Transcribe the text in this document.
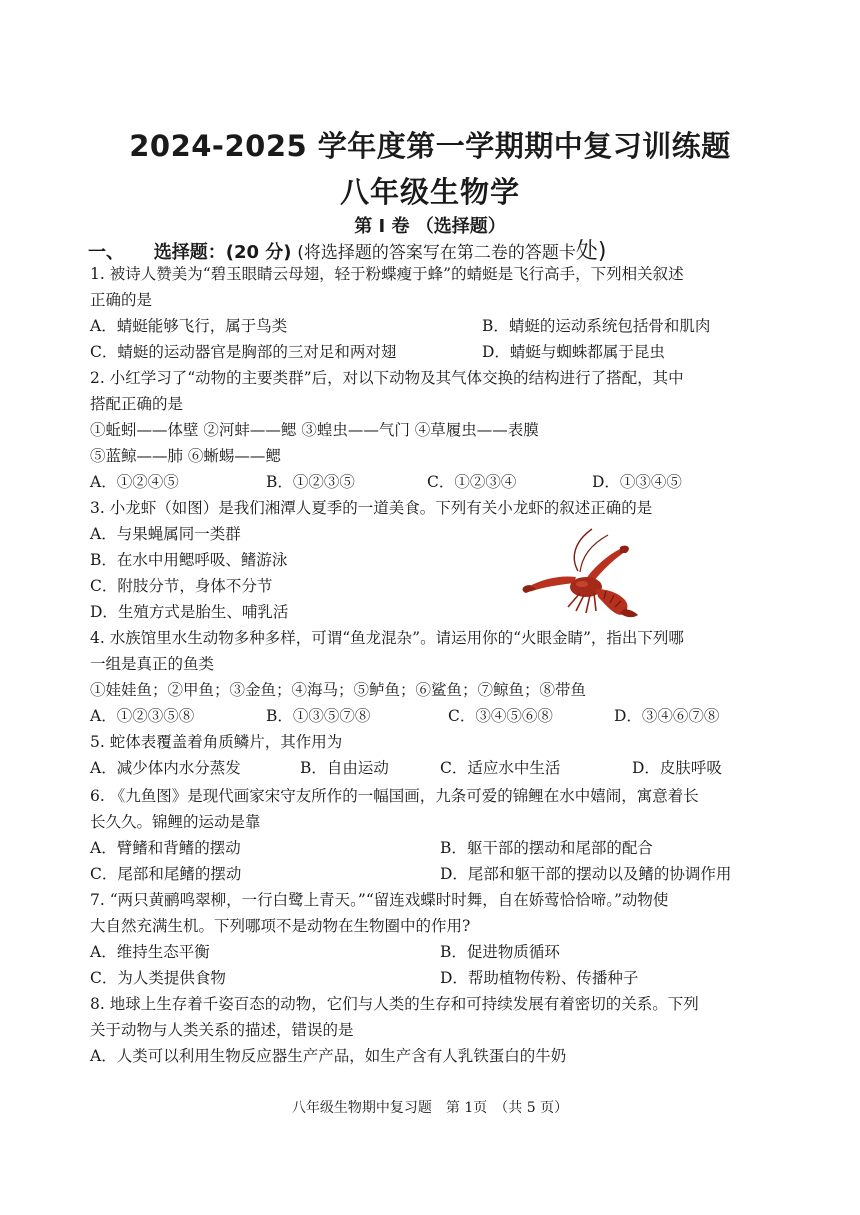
2024-2025 学年度第一学期期中复习训练题
八年级生物学
第 I 卷 （选择题）
一、 选择题：(20 分) (将选择题的答案写在第二卷的答题卡处)
1. 被诗人赞美为“碧玉眼睛云母翅，轻于粉蝶瘦于蜂”的蜻蜓是飞行高手，下列相关叙述
正确的是
A．蜻蜓能够飞行，属于鸟类	B．蜻蜓的运动系统包括骨和肌肉
C．蜻蜓的运动器官是胸部的三对足和两对翅	D．蜻蜓与蜘蛛都属于昆虫
2. 小红学习了“动物的主要类群”后，对以下动物及其气体交换的结构进行了搭配，其中
搭配正确的是
①蚯蚓——体壁 ②河蚌——鳃 ③蝗虫——气门 ④草履虫——表膜
⑤蓝鲸——肺 ⑥蜥蜴——鳃
A．①②④⑤	B．①②③⑤	C．①②③④	D．①③④⑤
3. 小龙虾（如图）是我们湘潭人夏季的一道美食。下列有关小龙虾的叙述正确的是
A．与果蝇属同一类群
B．在水中用鳃呼吸、鳍游泳
C．附肢分节，身体不分节
D．生殖方式是胎生、哺乳活
4. 水族馆里水生动物多种多样，可谓“鱼龙混杂”。请运用你的“火眼金睛”，指出下列哪
一组是真正的鱼类
①娃娃鱼；②甲鱼；③金鱼；④海马；⑤鲈鱼；⑥鲨鱼；⑦鲸鱼；⑧带鱼
A．①②③⑤⑧	B．①③⑤⑦⑧	C．③④⑤⑥⑧	D．③④⑥⑦⑧
5. 蛇体表覆盖着角质鳞片，其作用为
A．减少体内水分蒸发	B．自由运动	C．适应水中生活	D．皮肤呼吸
6. 《九鱼图》是现代画家宋守友所作的一幅国画，九条可爱的锦鲤在水中嬉闹，寓意着长
长久久。锦鲤的运动是靠
A．臂鳍和背鳍的摆动	B．躯干部的摆动和尾部的配合
C．尾部和尾鳍的摆动	D．尾部和躯干部的摆动以及鳍的协调作用
7. “两只黄鹂鸣翠柳，一行白鹭上青天。”“留连戏蝶时时舞，自在娇莺恰恰啼。”动物使
大自然充满生机。下列哪项不是动物在生物圈中的作用?
A．维持生态平衡	B．促进物质循环
C．为人类提供食物	D．帮助植物传粉、传播种子
8. 地球上生存着千姿百态的动物，它们与人类的生存和可持续发展有着密切的关系。下列
关于动物与人类关系的描述，错误的是
A．人类可以利用生物反应器生产产品，如生产含有人乳铁蛋白的牛奶
八年级生物期中复习题　第 1页　（共 5 页）
